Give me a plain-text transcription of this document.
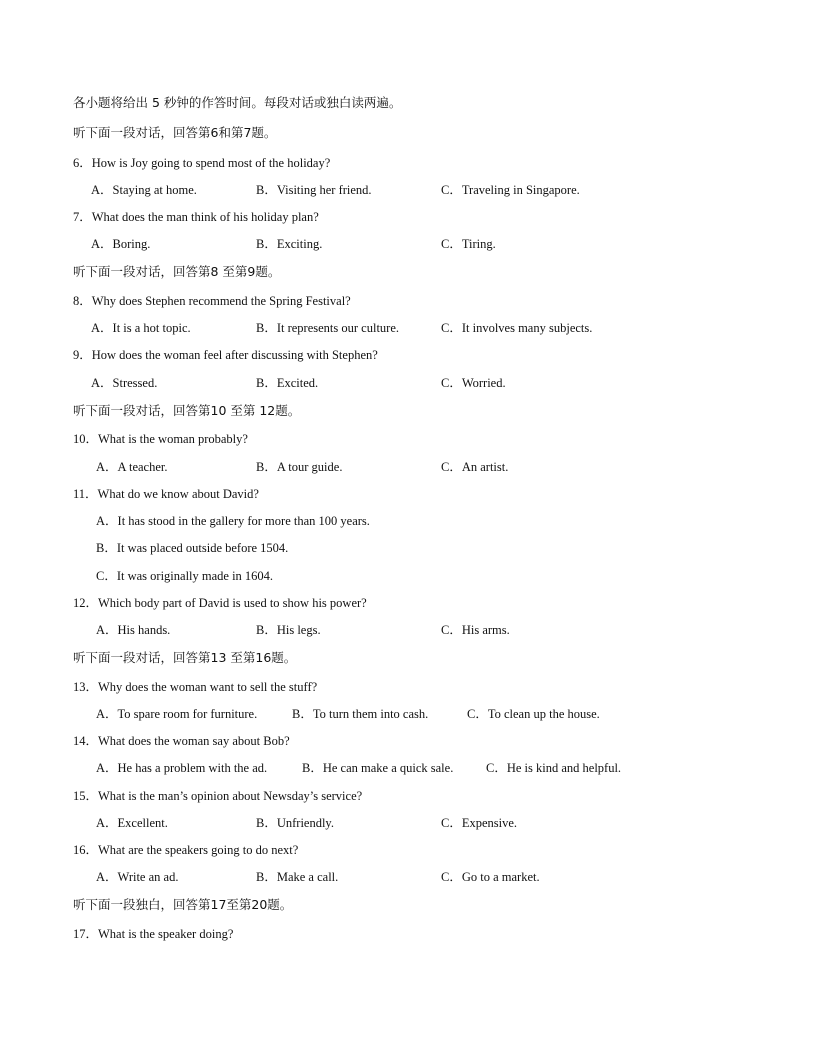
各小题将给出 5 秒钟的作答时间。每段对话或独白读两遍。
听下面一段对话，回答第6和第7题。
6．How is Joy going to spend most of the holiday?
A．Staying at home.	B．Visiting her friend.	C．Traveling in Singapore.
7．What does the man think of his holiday plan?
A．Boring.	B．Exciting.	C．Tiring.
听下面一段对话，回答第8 至第9题。
8．Why does Stephen recommend the Spring Festival?
A．It is a hot topic.	B．It represents our culture.	C．It involves many subjects.
9．How does the woman feel after discussing with Stephen?
A．Stressed.	B．Excited.	C．Worried.
听下面一段对话，回答第10 至第 12题。
10．What is the woman probably?
A．A teacher.	B．A tour guide.	C．An artist.
11．What do we know about David?
A．It has stood in the gallery for more than 100 years.
B．It was placed outside before 1504.
C．It was originally made in 1604.
12．Which body part of David is used to show his power?
A．His hands.	B．His legs.	C．His arms.
听下面一段对话，回答第13 至第16题。
13．Why does the woman want to sell the stuff?
A．To spare room for furniture.	B．To turn them into cash.	C．To clean up the house.
14．What does the woman say about Bob?
A．He has a problem with the ad.	B．He can make a quick sale.	C．He is kind and helpful.
15．What is the man’s opinion about Newsday’s service?
A．Excellent.	B．Unfriendly.	C．Expensive.
16．What are the speakers going to do next?
A．Write an ad.	B．Make a call.	C．Go to a market.
听下面一段独白，回答第17至第20题。
17．What is the speaker doing?
